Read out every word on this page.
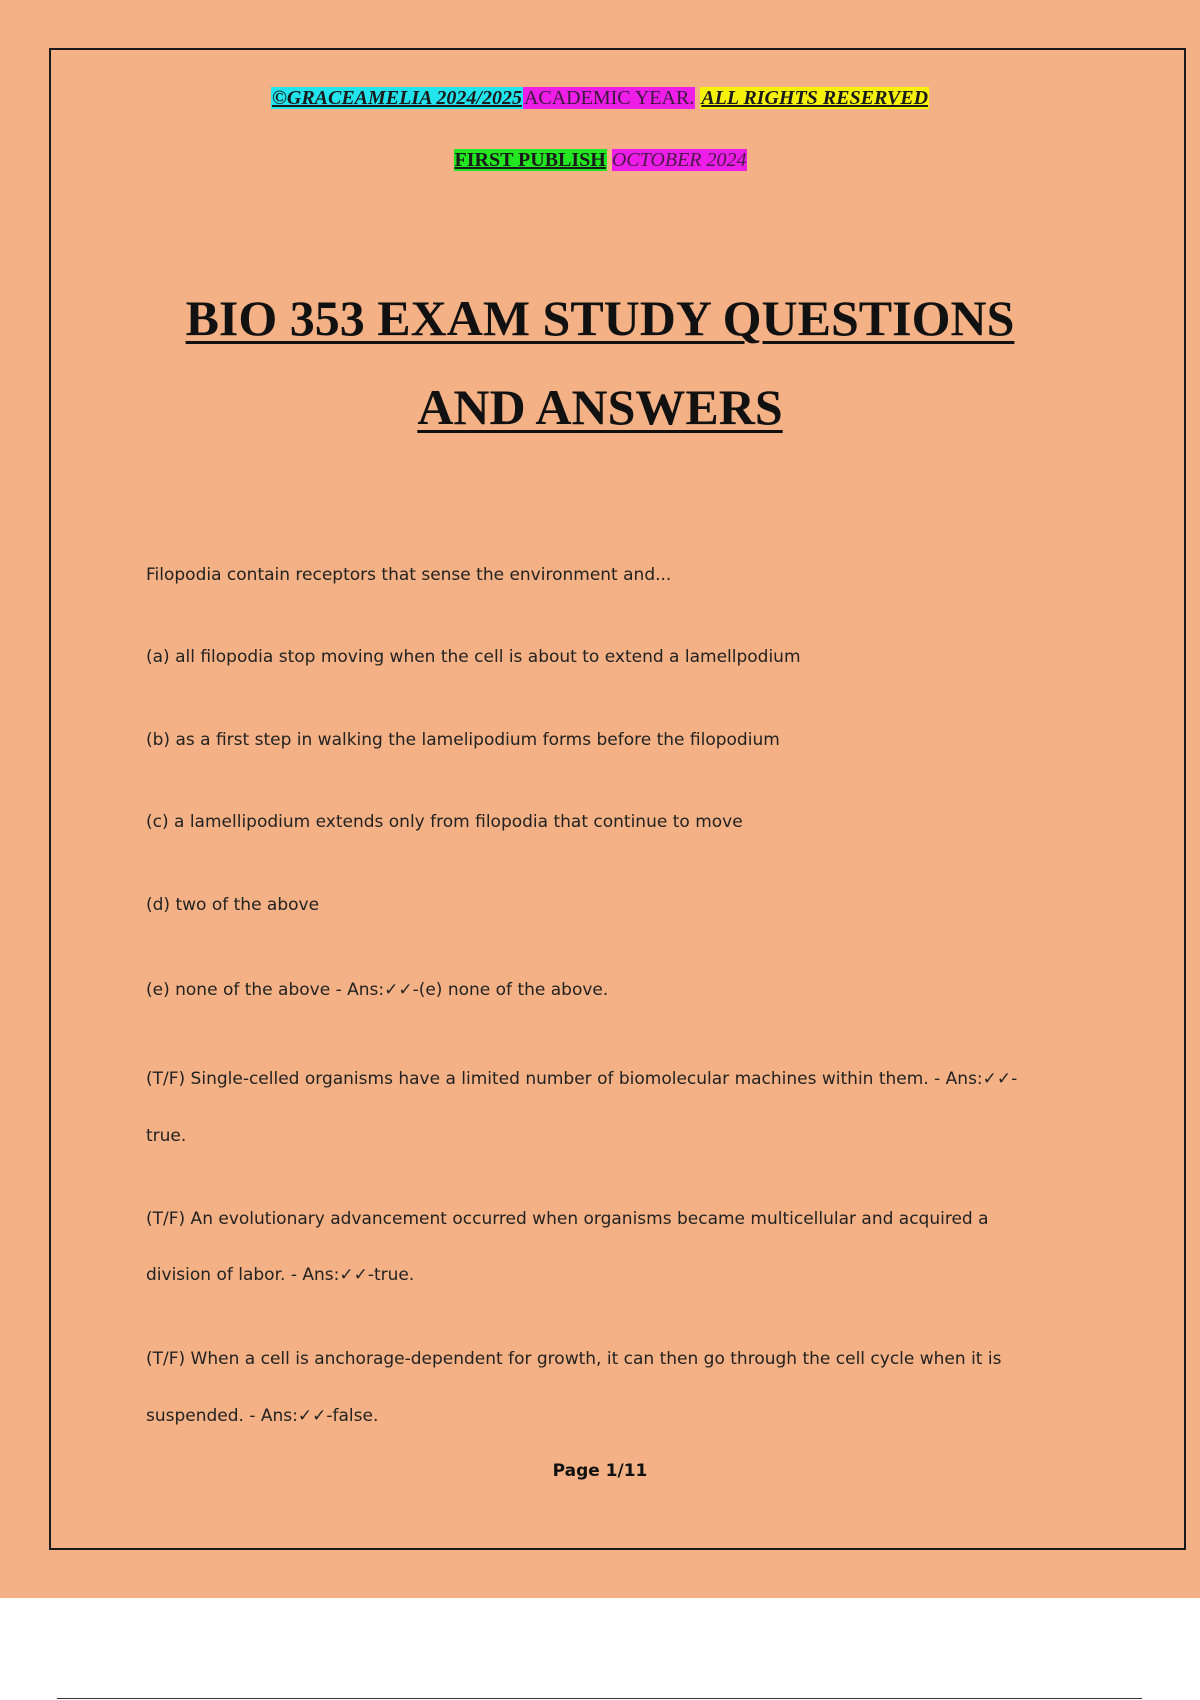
©GRACEAMELIA 2024/2025 ACADEMIC YEAR. ALL RIGHTS RESERVED
FIRST PUBLISH OCTOBER 2024
BIO 353 EXAM STUDY QUESTIONS
AND ANSWERS
Filopodia contain receptors that sense the environment and...
(a) all filopodia stop moving when the cell is about to extend a lamellpodium
(b) as a first step in walking the lamelipodium forms before the filopodium
(c) a lamellipodium extends only from filopodia that continue to move
(d) two of the above
(e) none of the above - Ans:✓✓-(e) none of the above.
(T/F) Single-celled organisms have a limited number of biomolecular machines within them. - Ans:✓✓-
true.
(T/F) An evolutionary advancement occurred when organisms became multicellular and acquired a
division of labor. - Ans:✓✓-true.
(T/F) When a cell is anchorage-dependent for growth, it can then go through the cell cycle when it is
suspended. - Ans:✓✓-false.
Page 1/11
